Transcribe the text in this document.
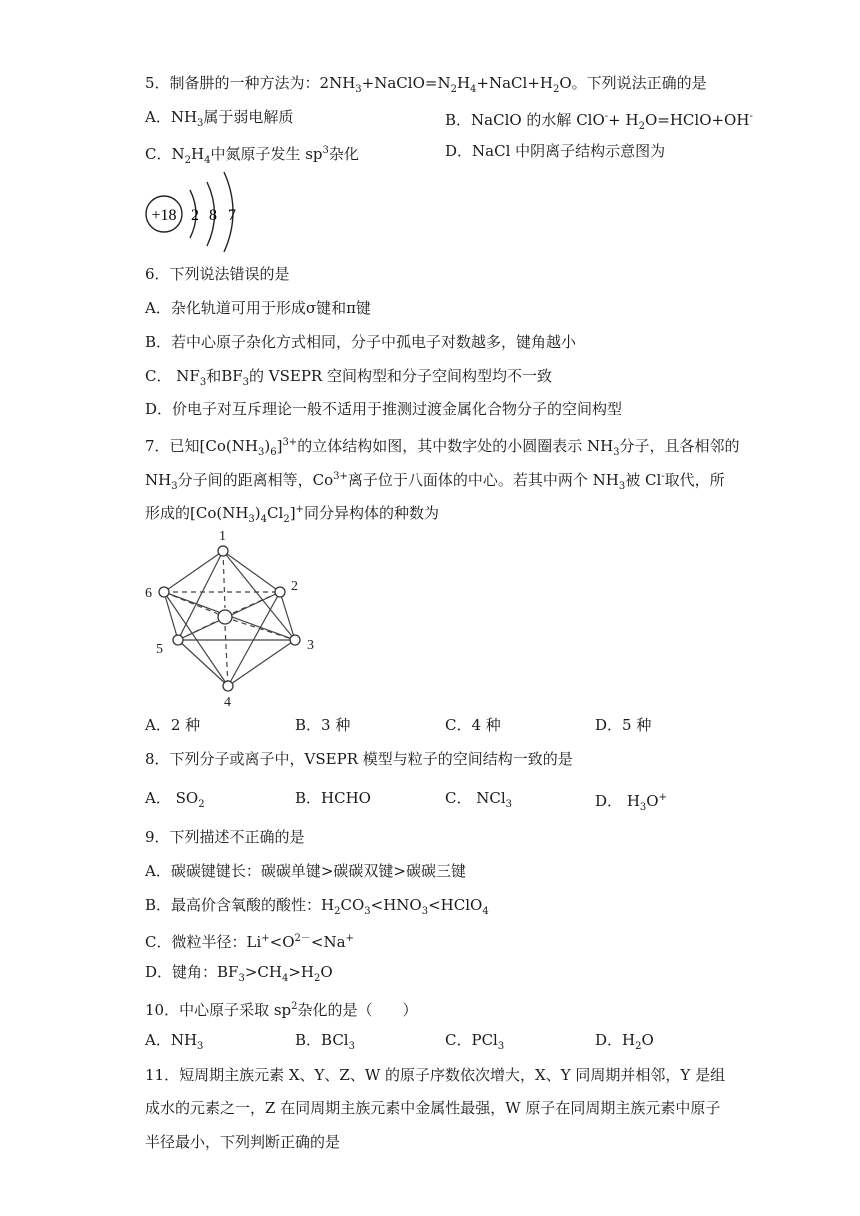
5．制备肼的一种方法为：$2NH_3+NaClO=N_2H_4+NaCl+H_2O$。下列说法正确的是
A．$NH_3$属于弱电解质	B．NaClO 的水解 $ClO^-+ H_2O=HClO+OH^-$
C．$N_2H_4$中氮原子发生 $sp^3$杂化	D．NaCl 中阴离子结构示意图为
+18 2 8 7
6．下列说法错误的是
A．杂化轨道可用于形成σ键和π键
B．若中心原子杂化方式相同，分子中孤电子对数越多，键角越小
C． $NF_3$和$BF_3$的 VSEPR 空间构型和分子空间构型均不一致
D．价电子对互斥理论一般不适用于推测过渡金属化合物分子的空间构型
7．已知$[Co(NH_3)_6]^{3+}$的立体结构如图，其中数字处的小圆圈表示 $NH_3$分子，且各相邻的
$NH_3$分子间的距离相等，$Co^{3+}$离子位于八面体的中心。若其中两个 $NH_3$被 Cl-取代，所
形成的$[Co(NH_3)_4Cl_2]^+$同分异构体的种数为
1
2
3
4
5
6
A．2 种	B．3 种	C．4 种	D．5 种
8．下列分子或离子中，VSEPR 模型与粒子的空间结构一致的是
A． $SO_2$	B．HCHO	C． NCl$_3$	D． $H_3O^+$
9．下列描述不正确的是
A．碳碳键键长：碳碳单键>碳碳双键>碳碳三键
B．最高价含氧酸的酸性：$H_2CO_3<HNO_3<HClO_4$
C．微粒半径：$Li^+<O^{2-}<Na^+$
D．键角：$BF_3>CH_4>H_2O$
10．中心原子采取 $sp^2$杂化的是（　　）
A．$NH_3$	B．BCl$_3$	C．PCl$_3$	D．$H_2O$
11．短周期主族元素 X、Y、Z、W 的原子序数依次增大，X、Y 同周期并相邻，Y 是组
成水的元素之一，Z 在同周期主族元素中金属性最强，W 原子在同周期主族元素中原子
半径最小，下列判断正确的是
